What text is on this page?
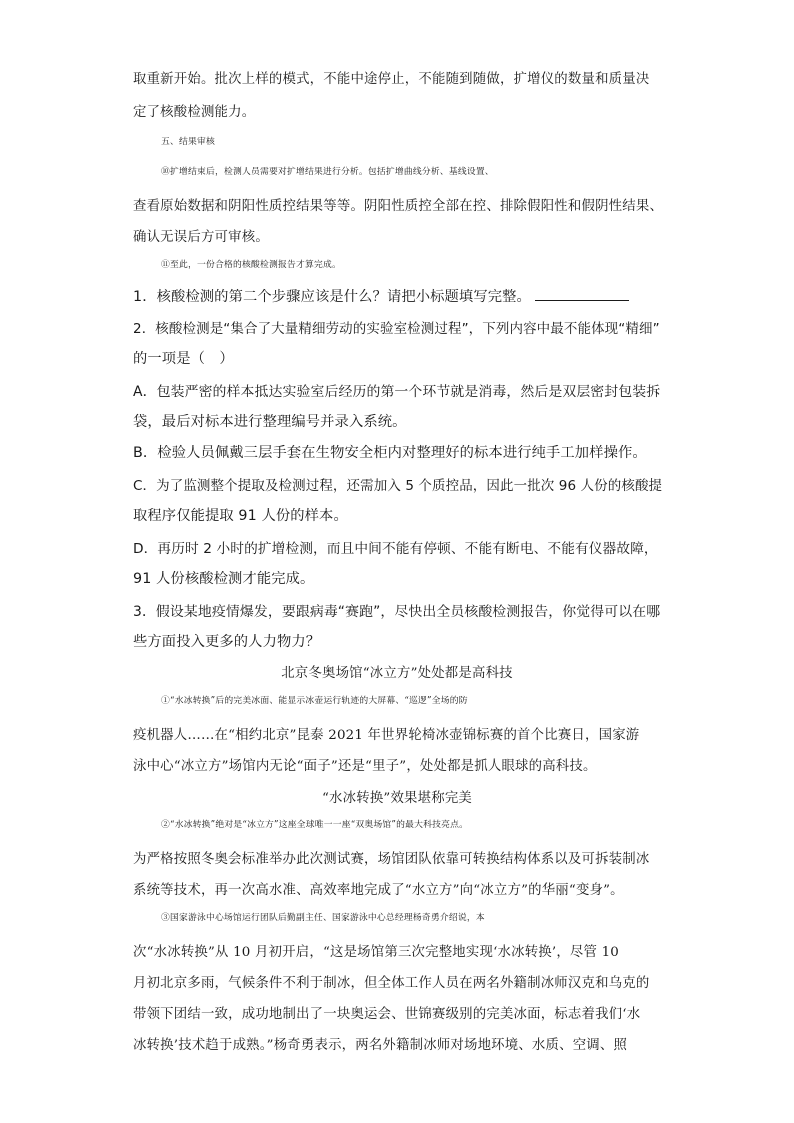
取重新开始。批次上样的模式，不能中途停止，不能随到随做，扩增仪的数量和质量决

定了核酸检测能力。

五、结果审核

⑩扩增结束后，检测人员需要对扩增结果进行分析。包括扩增曲线分析、基线设置、

查看原始数据和阴阳性质控结果等等。阴阳性质控全部在控、排除假阳性和假阴性结果、

确认无误后方可审核。

⑪至此，一份合格的核酸检测报告才算完成。

1．核酸检测的第二个步骤应该是什么？请把小标题填写完整。

2．核酸检测是“集合了大量精细劳动的实验室检测过程”，下列内容中最不能体现“精细”

的一项是（　）

A．包装严密的样本抵达实验室后经历的第一个环节就是消毒，然后是双层密封包装拆

袋，最后对标本进行整理编号并录入系统。

B．检验人员佩戴三层手套在生物安全柜内对整理好的标本进行纯手工加样操作。

C．为了监测整个提取及检测过程，还需加入 5 个质控品，因此一批次 96 人份的核酸提

取程序仅能提取 91 人份的样本。

D．再历时 2 小时的扩增检测，而且中间不能有停顿、不能有断电、不能有仪器故障，

91 人份核酸检测才能完成。

3．假设某地疫情爆发，要跟病毒“赛跑”，尽快出全员核酸检测报告，你觉得可以在哪

些方面投入更多的人力物力？

北京冬奥场馆“冰立方”处处都是高科技

①“水冰转换”后的完美冰面、能显示冰壶运行轨迹的大屏幕、“巡逻”全场的防

疫机器人……在“相约北京”昆泰 2021 年世界轮椅冰壶锦标赛的首个比赛日，国家游

泳中心“冰立方”场馆内无论“面子”还是“里子”，处处都是抓人眼球的高科技。

“水冰转换”效果堪称完美

②“水冰转换”绝对是“冰立方”这座全球唯一一座“双奥场馆”的最大科技亮点。

为严格按照冬奥会标准举办此次测试赛，场馆团队依靠可转换结构体系以及可拆装制冰

系统等技术，再一次高水准、高效率地完成了“水立方”向“冰立方”的华丽“变身”。

③国家游泳中心场馆运行团队后勤副主任、国家游泳中心总经理杨奇勇介绍说，本

次“水冰转换”从 10 月初开启，“这是场馆第三次完整地实现‘水冰转换’，尽管 10

月初北京多雨，气候条件不利于制冰，但全体工作人员在两名外籍制冰师汉克和乌克的

带领下团结一致，成功地制出了一块奥运会、世锦赛级别的完美冰面，标志着我们‘水

冰转换’技术趋于成熟。”杨奇勇表示，两名外籍制冰师对场地环境、水质、空调、照
